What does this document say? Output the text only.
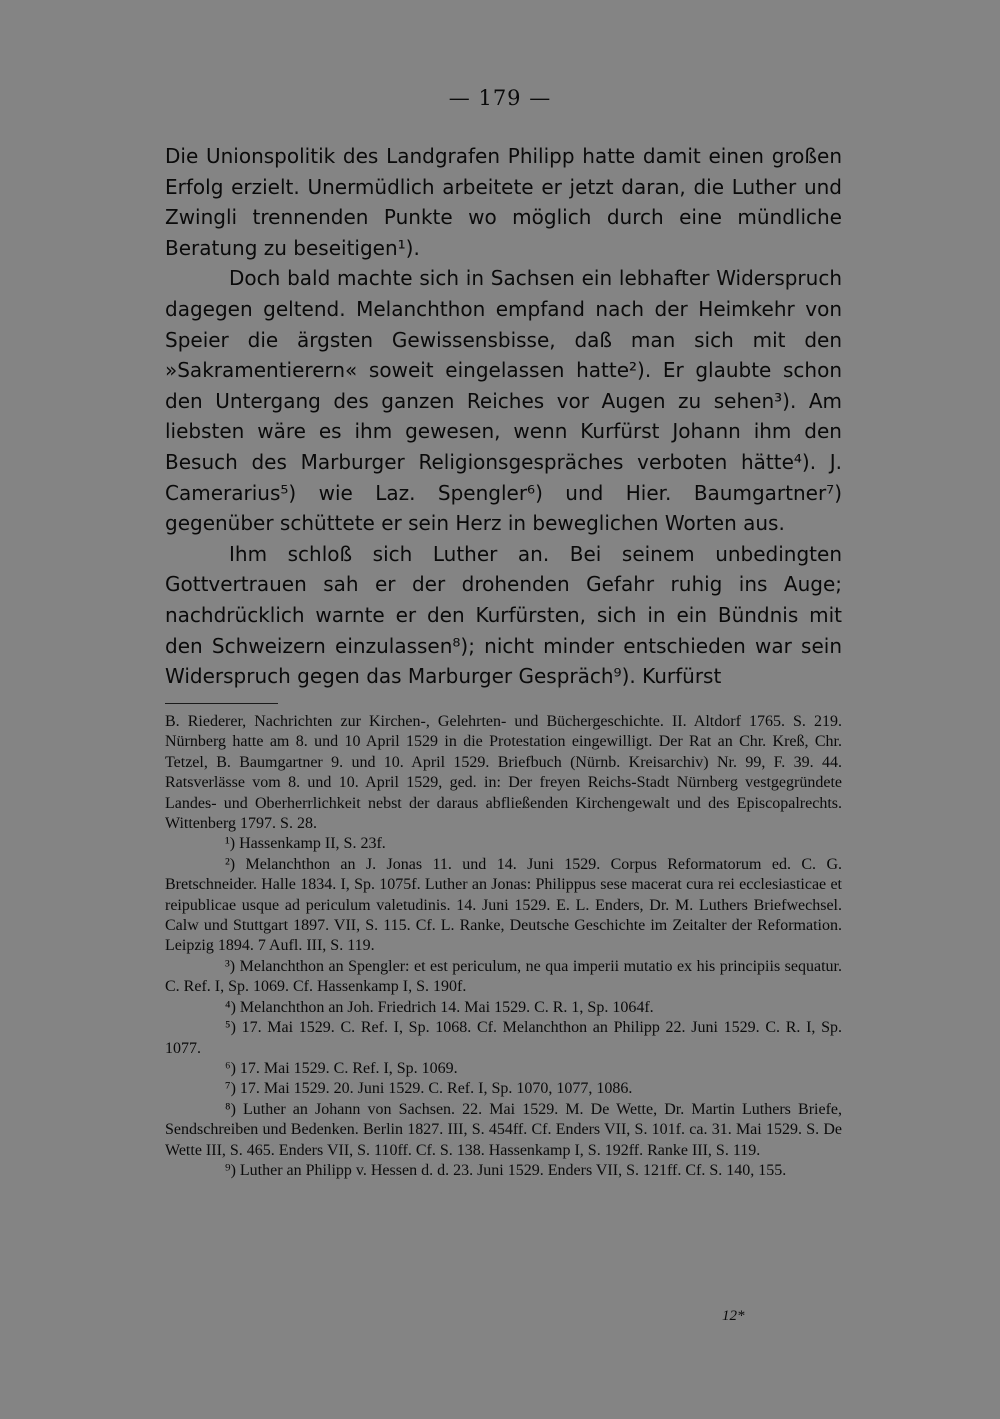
— 179 —

Die Unionspolitik des Landgrafen Philipp hatte damit einen großen Erfolg erzielt. Unermüdlich arbeitete er jetzt daran, die Luther und Zwingli trennenden Punkte wo möglich durch eine mündliche Beratung zu beseitigen¹).

Doch bald machte sich in Sachsen ein lebhafter Widerspruch dagegen geltend. Melanchthon empfand nach der Heimkehr von Speier die ärgsten Gewissensbisse, daß man sich mit den »Sakramentierern« soweit eingelassen hatte²). Er glaubte schon den Untergang des ganzen Reiches vor Augen zu sehen³). Am liebsten wäre es ihm gewesen, wenn Kurfürst Johann ihm den Besuch des Marburger Religionsgespräches verboten hätte⁴). J. Camerarius⁵) wie Laz. Spengler⁶) und Hier. Baumgartner⁷) gegenüber schüttete er sein Herz in beweglichen Worten aus.

Ihm schloß sich Luther an. Bei seinem unbedingten Gottvertrauen sah er der drohenden Gefahr ruhig ins Auge; nachdrücklich warnte er den Kurfürsten, sich in ein Bündnis mit den Schweizern einzulassen⁸); nicht minder entschieden war sein Widerspruch gegen das Marburger Gespräch⁹). Kurfürst

B. Riederer, Nachrichten zur Kirchen-, Gelehrten- und Büchergeschichte. II. Altdorf 1765. S. 219. Nürnberg hatte am 8. und 10 April 1529 in die Protestation eingewilligt. Der Rat an Chr. Kreß, Chr. Tetzel, B. Baumgartner 9. und 10. April 1529. Briefbuch (Nürnb. Kreisarchiv) Nr. 99, F. 39. 44. Ratsverlässe vom 8. und 10. April 1529, ged. in: Der freyen Reichs-Stadt Nürnberg vestgegründete Landes- und Oberherrlichkeit nebst der daraus abfließenden Kirchengewalt und des Episcopalrechts. Wittenberg 1797. S. 28.

¹) Hassenkamp II, S. 23f.

²) Melanchthon an J. Jonas 11. und 14. Juni 1529. Corpus Reformatorum ed. C. G. Bretschneider. Halle 1834. I, Sp. 1075f. Luther an Jonas: Philippus sese macerat cura rei ecclesiasticae et reipublicae usque ad periculum valetudinis. 14. Juni 1529. E. L. Enders, Dr. M. Luthers Briefwechsel. Calw und Stuttgart 1897. VII, S. 115. Cf. L. Ranke, Deutsche Geschichte im Zeitalter der Reformation. Leipzig 1894. 7 Aufl. III, S. 119.

³) Melanchthon an Spengler: et est periculum, ne qua imperii mutatio ex his principiis sequatur. C. Ref. I, Sp. 1069. Cf. Hassenkamp I, S. 190f.

⁴) Melanchthon an Joh. Friedrich 14. Mai 1529. C. R. 1, Sp. 1064f.

⁵) 17. Mai 1529. C. Ref. I, Sp. 1068. Cf. Melanchthon an Philipp 22. Juni 1529. C. R. I, Sp. 1077.

⁶) 17. Mai 1529. C. Ref. I, Sp. 1069.

⁷) 17. Mai 1529. 20. Juni 1529. C. Ref. I, Sp. 1070, 1077, 1086.

⁸) Luther an Johann von Sachsen. 22. Mai 1529. M. De Wette, Dr. Martin Luthers Briefe, Sendschreiben und Bedenken. Berlin 1827. III, S. 454ff. Cf. Enders VII, S. 101f. ca. 31. Mai 1529. S. De Wette III, S. 465. Enders VII, S. 110ff. Cf. S. 138. Hassenkamp I, S. 192ff. Ranke III, S. 119.

⁹) Luther an Philipp v. Hessen d. d. 23. Juni 1529. Enders VII, S. 121ff. Cf. S. 140, 155.

12*
